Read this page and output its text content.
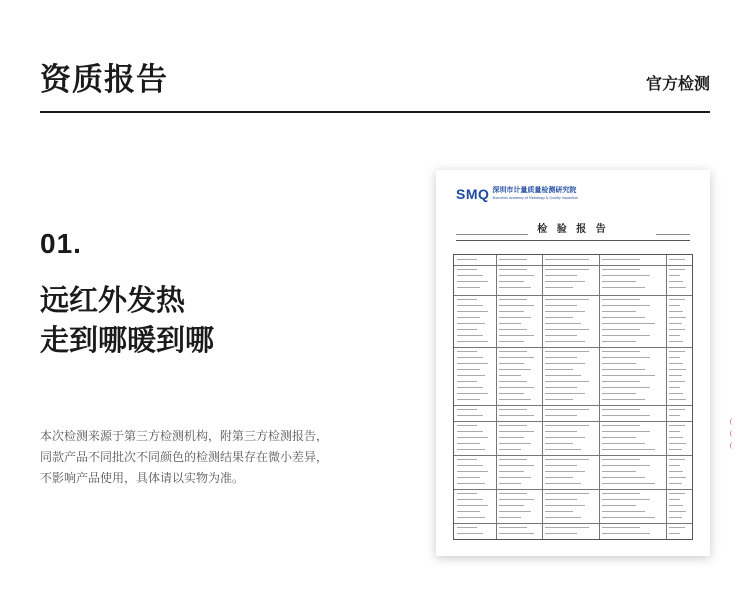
资质报告	官方检测
01.
远红外发热
走到哪暖到哪
本次检测来源于第三方检测机构，附第三方检测报告，
同款产品不同批次不同颜色的检测结果存在微小差异，
不影响产品使用，具体请以实物为准。
SMQ 深圳市计量质量检测研究院
Shenzhen Academy of Metrology & Quality Inspection
检 验 报 告
